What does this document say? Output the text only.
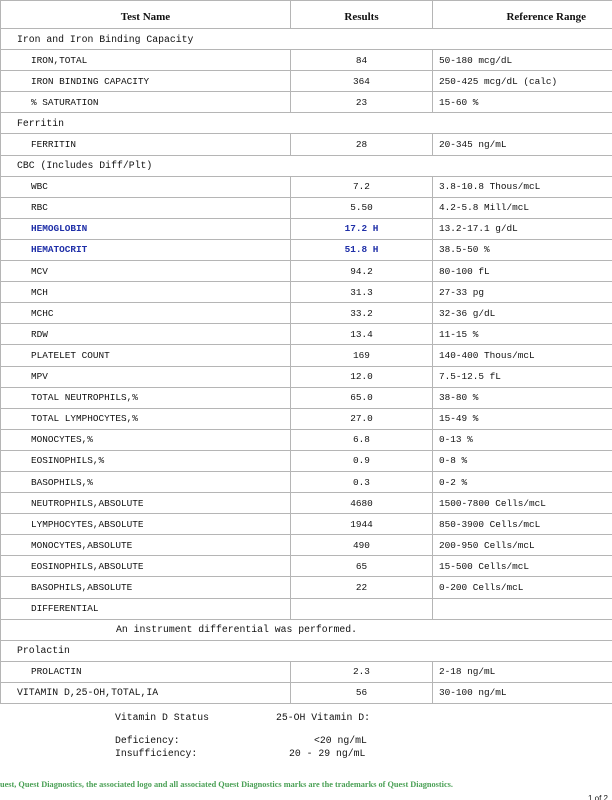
Test Name	Results	Reference Range
Iron and Iron Binding Capacity		
IRON,TOTAL	84	50-180 mcg/dL
IRON BINDING CAPACITY	364	250-425 mcg/dL (calc)
% SATURATION	23	15-60 %
Ferritin		
FERRITIN	28	20-345 ng/mL
CBC (Includes Diff/Plt)		
WBC	7.2	3.8-10.8 Thous/mcL
RBC	5.50	4.2-5.8 Mill/mcL
HEMOGLOBIN	17.2 H	13.2-17.1 g/dL
HEMATOCRIT	51.8 H	38.5-50 %
MCV	94.2	80-100 fL
MCH	31.3	27-33 pg
MCHC	33.2	32-36 g/dL
RDW	13.4	11-15 %
PLATELET COUNT	169	140-400 Thous/mcL
MPV	12.0	7.5-12.5 fL
TOTAL NEUTROPHILS,%	65.0	38-80 %
TOTAL LYMPHOCYTES,%	27.0	15-49 %
MONOCYTES,%	6.8	0-13 %
EOSINOPHILS,%	0.9	0-8 %
BASOPHILS,%	0.3	0-2 %
NEUTROPHILS,ABSOLUTE	4680	1500-7800 Cells/mcL
LYMPHOCYTES,ABSOLUTE	1944	850-3900 Cells/mcL
MONOCYTES,ABSOLUTE	490	200-950 Cells/mcL
EOSINOPHILS,ABSOLUTE	65	15-500 Cells/mcL
BASOPHILS,ABSOLUTE	22	0-200 Cells/mcL
DIFFERENTIAL		
An instrument differential was performed.		
Prolactin		
PROLACTIN	2.3	2-18 ng/mL
VITAMIN D,25-OH,TOTAL,IA	56	30-100 ng/mL
Vitamin D Status	25-OH Vitamin D:
Deficiency:	<20 ng/mL
Insufficiency:	20 - 29 ng/mL
uest, Quest Diagnostics, the associated logo and all associated Quest Diagnostics marks are the trademarks of Quest Diagnostics.
1 of 2
